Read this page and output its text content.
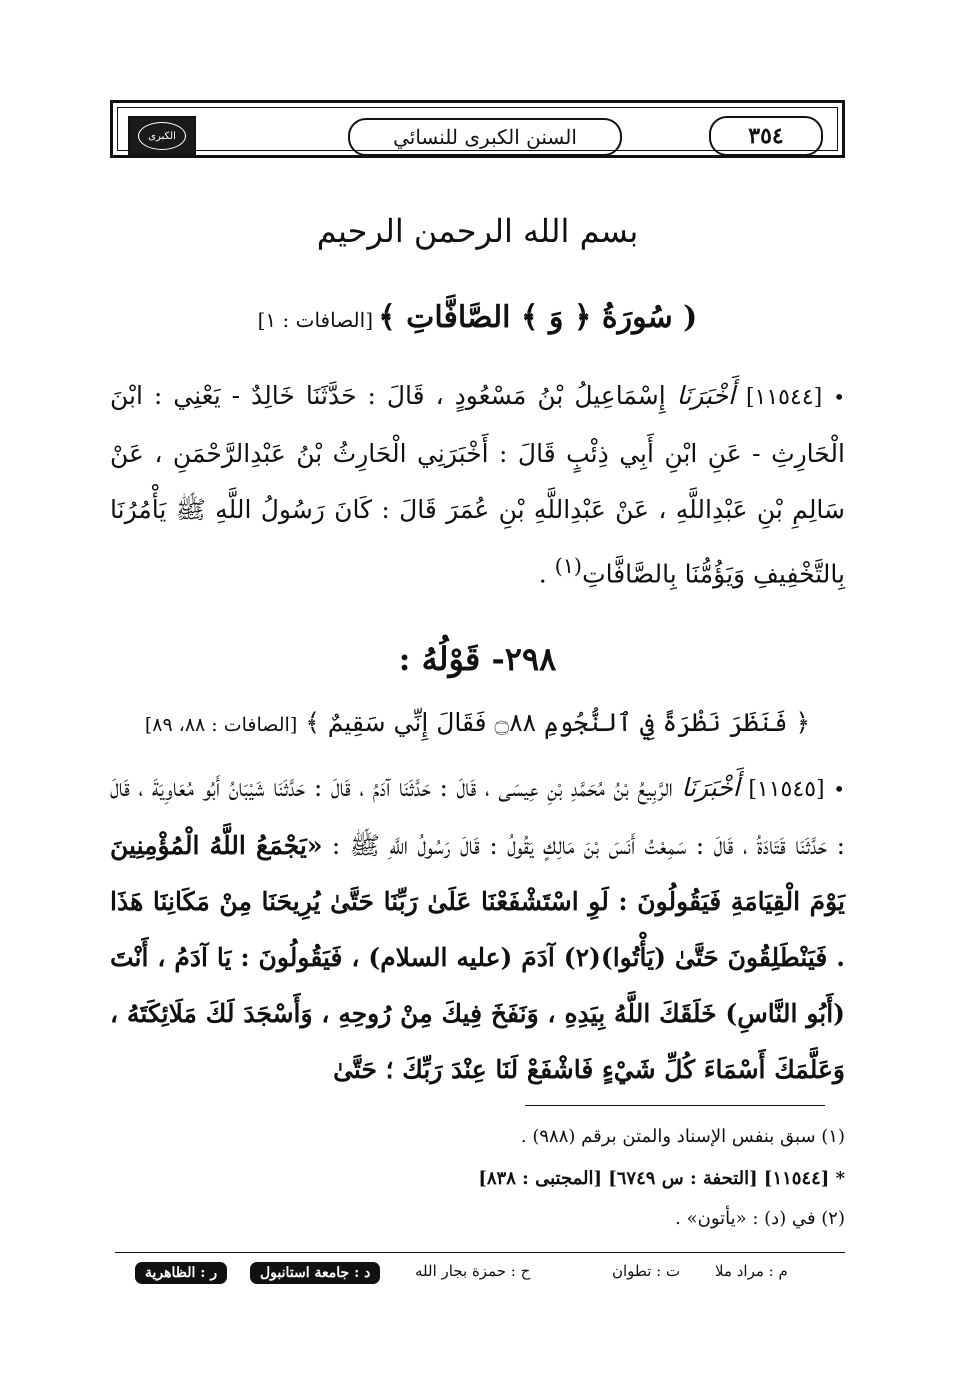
الكبرى	السنن الكبرى للنسائي	٣٥٤
بسم الله الرحمن الرحيم
( سُورَةُ ﴿ وَ ﴾ الصَّافَّاتِ ﴾ [الصافات : ١]
• [١١٥٤٤] أَخْبَرَنَا إِسْمَاعِيلُ بْنُ مَسْعُودٍ ، قَالَ : حَدَّثَنَا خَالِدٌ - يَعْنِي : ابْنَ الْحَارِثِ - عَنِ ابْنِ أَبِي ذِئْبٍ قَالَ : أَخْبَرَنِي الْحَارِثُ بْنُ عَبْدِالرَّحْمَنِ ، عَنْ سَالِمِ بْنِ عَبْدِاللَّهِ ، عَنْ عَبْدِاللَّهِ بْنِ عُمَرَ قَالَ : كَانَ رَسُولُ اللَّهِ ﷺ يَأْمُرُنَا بِالتَّخْفِيفِ وَيَؤُمُّنَا بِالصَّافَّاتِ$^{(١)}$ .
٢٩٨- قَوْلُهُ :
﴿ فَنَظَرَ نَظْرَةً فِي ٱلنُّجُومِ ۝٨٨ فَقَالَ إِنِّي سَقِيمٌ ﴾ [الصافات : ٨٨، ٨٩]
• [١١٥٤٥] أَخْبَرَنَا الرَّبِيعُ بْنُ مُحَمَّدِ بْنِ عِيسَى ، قَالَ : حَدَّثَنَا آدَمُ ، قَالَ : حَدَّثَنَا شَيْبَانُ أَبُو مُعَاوِيَةَ ، قَالَ : حَدَّثَنَا قَتَادَةُ ، قَالَ : سَمِعْتُ أَنَسَ بْنَ مَالِكٍ يَقُولُ : قَالَ رَسُولُ اللَّهِ ﷺ : «يَجْمَعُ اللَّهُ الْمُؤْمِنِينَ يَوْمَ الْقِيَامَةِ فَيَقُولُونَ : لَوِ اسْتَشْفَعْنَا عَلَىٰ رَبِّنَا حَتَّىٰ يُرِيحَنَا مِنْ مَكَانِنَا هَذَا . فَيَنْطَلِقُونَ حَتَّىٰ (يَأْتُوا)(٢) آدَمَ (عليه السلام) ، فَيَقُولُونَ : يَا آدَمُ ، أَنْتَ (أَبُو النَّاسِ) خَلَقَكَ اللَّهُ بِيَدِهِ ، وَنَفَخَ فِيكَ مِنْ رُوحِهِ ، وَأَسْجَدَ لَكَ مَلَائِكَتَهُ ، وَعَلَّمَكَ أَسْمَاءَ كُلِّ شَيْءٍ فَاشْفَعْ لَنَا عِنْدَ رَبِّكَ ؛ حَتَّىٰ
(١) سبق بنفس الإسناد والمتن برقم (٩٨٨) .
* [١١٥٤٤] [التحفة : س ٦٧٤٩] [المجتبى : ٨٣٨]
(٢) في (د) : «يأتون» .
م : مراد ملا
ت : تطوان
ح : حمزة بجار الله
د : جامعة استانبول
ر : الظاهرية
